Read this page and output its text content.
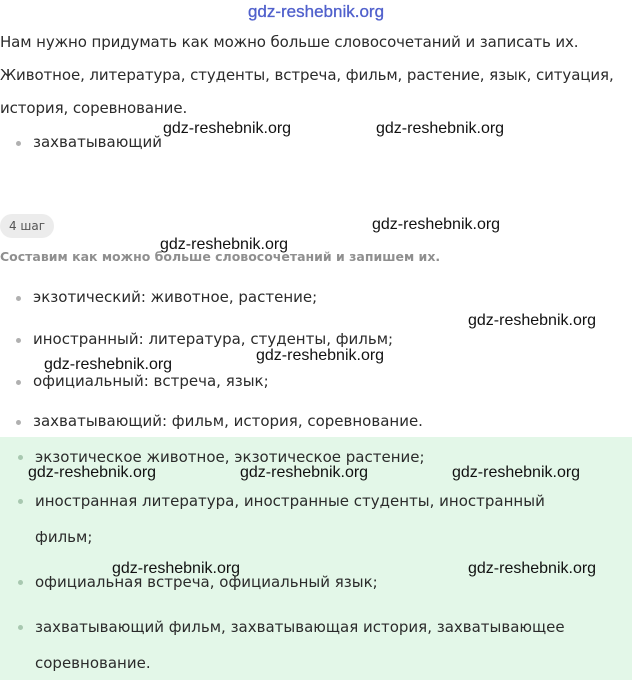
gdz-reshebnik.org
Нам нужно придумать как можно больше словосочетаний и записать их.
Животное, литература, студенты, встреча, фильм, растение, язык, ситуация,
история, соревнование.
захватывающий
4 шаг
Составим как можно больше словосочетаний и запишем их.
экзотический: животное, растение;
иностранный: литература, студенты, фильм;
официальный: встреча, язык;
захватывающий: фильм, история, соревнование.
экзотическое животное, экзотическое растение;
иностранная литература, иностранные студенты, иностранный
фильм;
официальная встреча, официальный язык;
захватывающий фильм, захватывающая история, захватывающее
соревнование.
gdz-reshebnik.org	gdz-reshebnik.org
gdz-reshebnik.org
gdz-reshebnik.org
gdz-reshebnik.org
gdz-reshebnik.org
gdz-reshebnik.org
gdz-reshebnik.org	gdz-reshebnik.org	gdz-reshebnik.org
gdz-reshebnik.org	gdz-reshebnik.org
